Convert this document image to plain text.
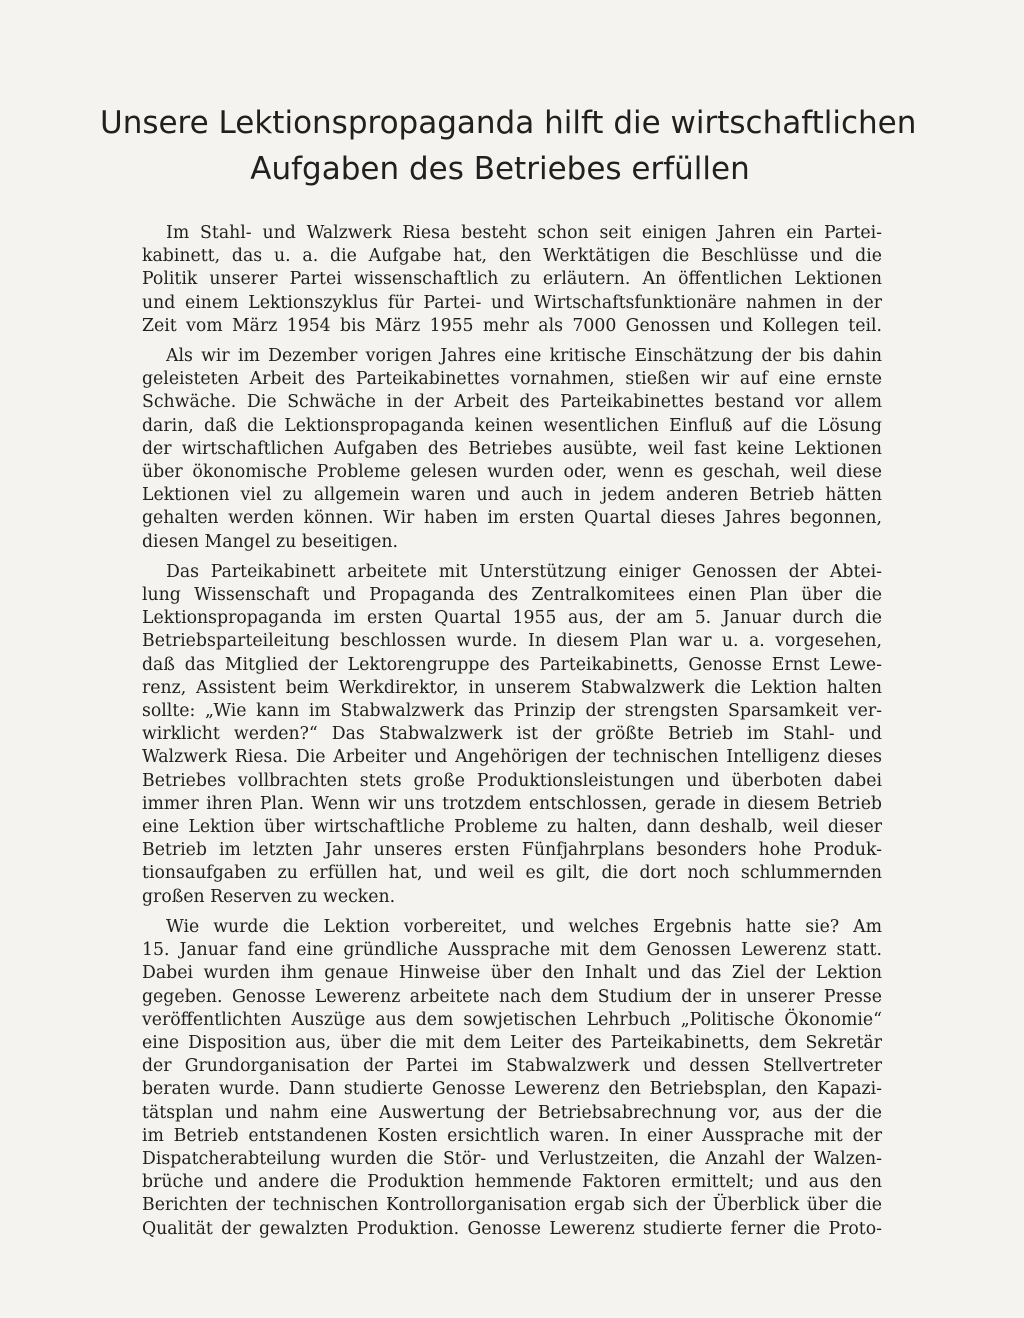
Unsere Lektionspropaganda hilft die wirtschaftlichen
Aufgaben des Betriebes erfüllen

Im Stahl- und Walzwerk Riesa besteht schon seit einigen Jahren ein Partei-
kabinett, das u. a. die Aufgabe hat, den Werktätigen die Beschlüsse und die
Politik unserer Partei wissenschaftlich zu erläutern. An öffentlichen Lektionen
und einem Lektionszyklus für Partei- und Wirtschaftsfunktionäre nahmen in der
Zeit vom März 1954 bis März 1955 mehr als 7000 Genossen und Kollegen teil.

Als wir im Dezember vorigen Jahres eine kritische Einschätzung der bis dahin
geleisteten Arbeit des Parteikabinettes vornahmen, stießen wir auf eine ernste
Schwäche. Die Schwäche in der Arbeit des Parteikabinettes bestand vor allem
darin, daß die Lektionspropaganda keinen wesentlichen Einfluß auf die Lösung
der wirtschaftlichen Aufgaben des Betriebes ausübte, weil fast keine Lektionen
über ökonomische Probleme gelesen wurden oder, wenn es geschah, weil diese
Lektionen viel zu allgemein waren und auch in jedem anderen Betrieb hätten
gehalten werden können. Wir haben im ersten Quartal dieses Jahres begonnen,
diesen Mangel zu beseitigen.

Das Parteikabinett arbeitete mit Unterstützung einiger Genossen der Abtei-
lung Wissenschaft und Propaganda des Zentralkomitees einen Plan über die
Lektionspropaganda im ersten Quartal 1955 aus, der am 5. Januar durch die
Betriebsparteileitung beschlossen wurde. In diesem Plan war u. a. vorgesehen,
daß das Mitglied der Lektorengruppe des Parteikabinetts, Genosse Ernst Lewe-
renz, Assistent beim Werkdirektor, in unserem Stabwalzwerk die Lektion halten
sollte: „Wie kann im Stabwalzwerk das Prinzip der strengsten Sparsamkeit ver-
wirklicht werden?“ Das Stabwalzwerk ist der größte Betrieb im Stahl- und
Walzwerk Riesa. Die Arbeiter und Angehörigen der technischen Intelligenz dieses
Betriebes vollbrachten stets große Produktionsleistungen und überboten dabei
immer ihren Plan. Wenn wir uns trotzdem entschlossen, gerade in diesem Betrieb
eine Lektion über wirtschaftliche Probleme zu halten, dann deshalb, weil dieser
Betrieb im letzten Jahr unseres ersten Fünfjahrplans besonders hohe Produk-
tionsaufgaben zu erfüllen hat, und weil es gilt, die dort noch schlummernden
großen Reserven zu wecken.

Wie wurde die Lektion vorbereitet, und welches Ergebnis hatte sie? Am
15. Januar fand eine gründliche Aussprache mit dem Genossen Lewerenz statt.
Dabei wurden ihm genaue Hinweise über den Inhalt und das Ziel der Lektion
gegeben. Genosse Lewerenz arbeitete nach dem Studium der in unserer Presse
veröffentlichten Auszüge aus dem sowjetischen Lehrbuch „Politische Ökonomie“
eine Disposition aus, über die mit dem Leiter des Parteikabinetts, dem Sekretär
der Grundorganisation der Partei im Stabwalzwerk und dessen Stellvertreter
beraten wurde. Dann studierte Genosse Lewerenz den Betriebsplan, den Kapazi-
tätsplan und nahm eine Auswertung der Betriebsabrechnung vor, aus der die
im Betrieb entstandenen Kosten ersichtlich waren. In einer Aussprache mit der
Dispatcherabteilung wurden die Stör- und Verlustzeiten, die Anzahl der Walzen-
brüche und andere die Produktion hemmende Faktoren ermittelt; und aus den
Berichten der technischen Kontrollorganisation ergab sich der Überblick über die
Qualität der gewalzten Produktion. Genosse Lewerenz studierte ferner die Proto-
